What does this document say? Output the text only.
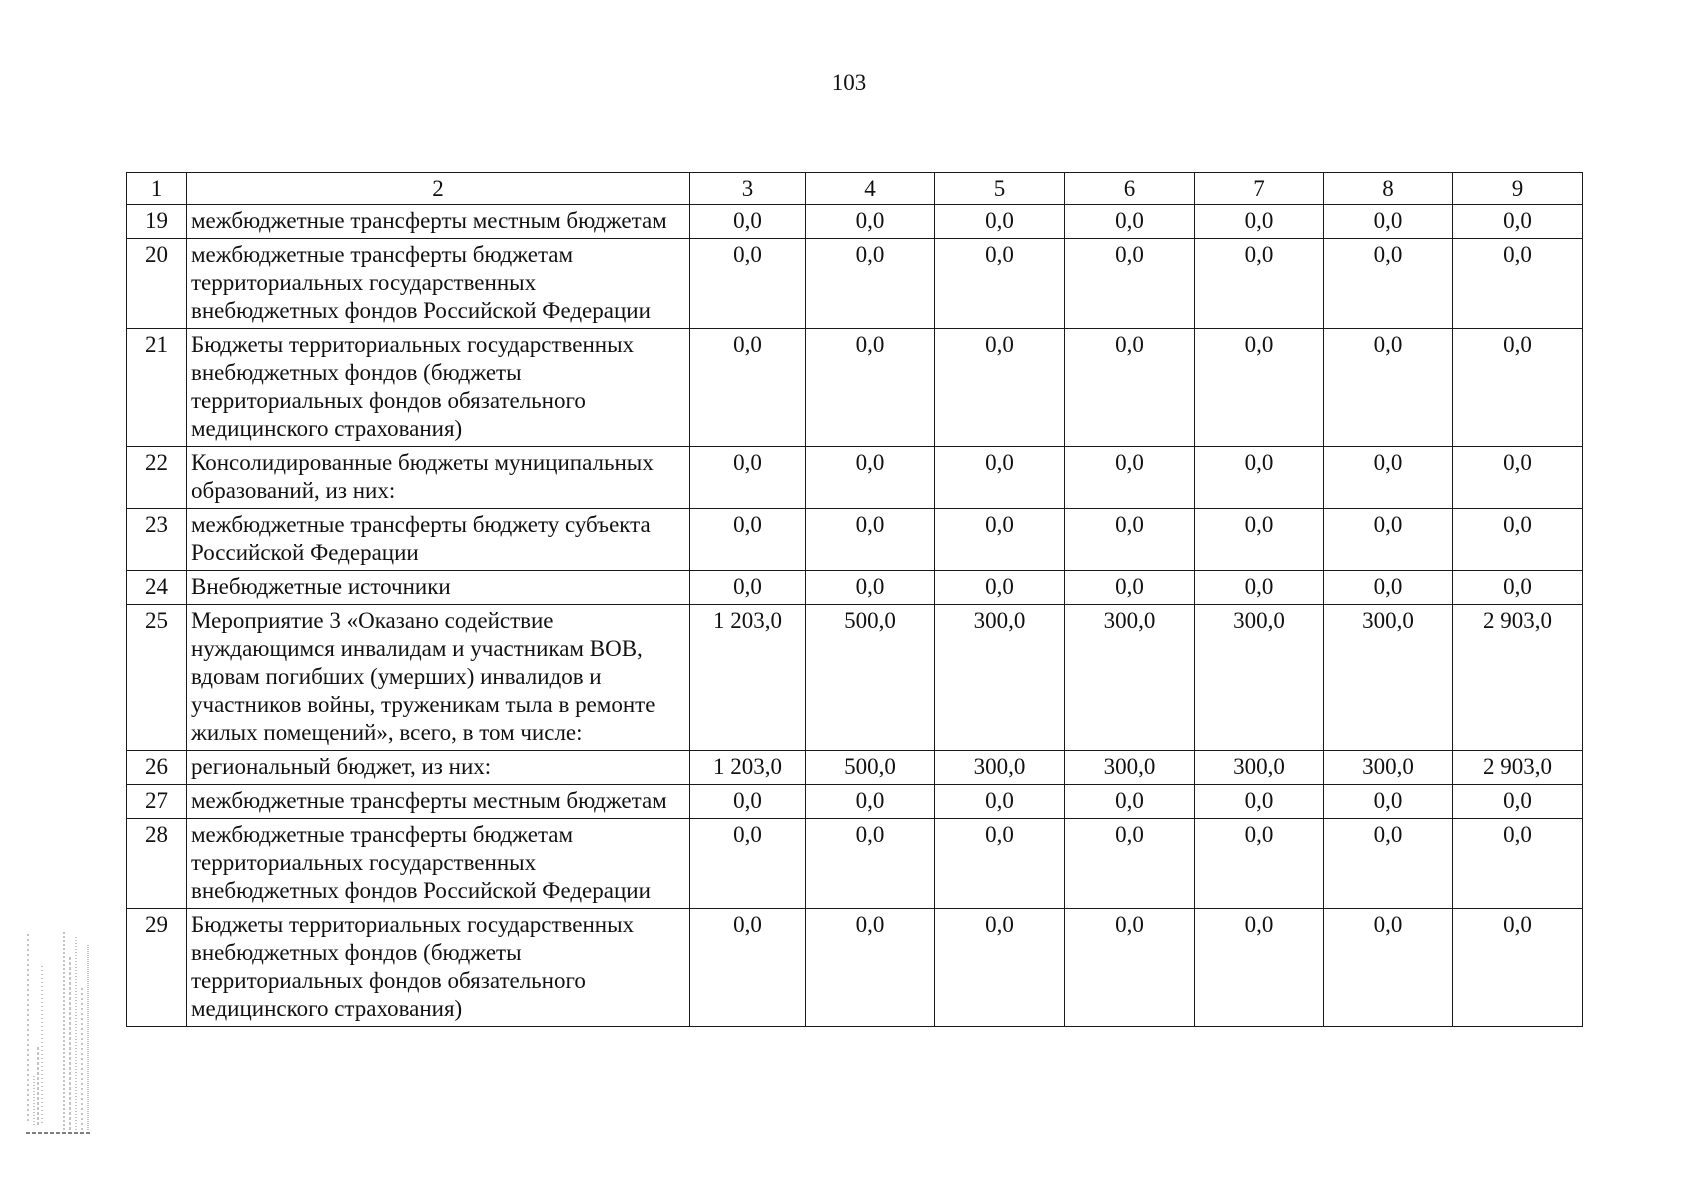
103
1	2	3	4	5	6	7	8	9
19	межбюджетные трансферты местным бюджетам	0,0	0,0	0,0	0,0	0,0	0,0	0,0
20	межбюджетные трансферты бюджетам территориальных государственных внебюджетных фондов Российской Федерации	0,0	0,0	0,0	0,0	0,0	0,0	0,0
21	Бюджеты территориальных государственных внебюджетных фондов (бюджеты территориальных фондов обязательного медицинского страхования)	0,0	0,0	0,0	0,0	0,0	0,0	0,0
22	Консолидированные бюджеты муниципальных образований, из них:	0,0	0,0	0,0	0,0	0,0	0,0	0,0
23	межбюджетные трансферты бюджету субъекта Российской Федерации	0,0	0,0	0,0	0,0	0,0	0,0	0,0
24	Внебюджетные источники	0,0	0,0	0,0	0,0	0,0	0,0	0,0
25	Мероприятие 3 «Оказано содействие нуждающимся инвалидам и участникам ВОВ, вдовам погибших (умерших) инвалидов и участников войны, труженикам тыла в ремонте жилых помещений», всего, в том числе:	1 203,0	500,0	300,0	300,0	300,0	300,0	2 903,0
26	региональный бюджет, из них:	1 203,0	500,0	300,0	300,0	300,0	300,0	2 903,0
27	межбюджетные трансферты местным бюджетам	0,0	0,0	0,0	0,0	0,0	0,0	0,0
28	межбюджетные трансферты бюджетам территориальных государственных внебюджетных фондов Российской Федерации	0,0	0,0	0,0	0,0	0,0	0,0	0,0
29	Бюджеты территориальных государственных внебюджетных фондов (бюджеты территориальных фондов обязательного медицинского страхования)	0,0	0,0	0,0	0,0	0,0	0,0	0,0
